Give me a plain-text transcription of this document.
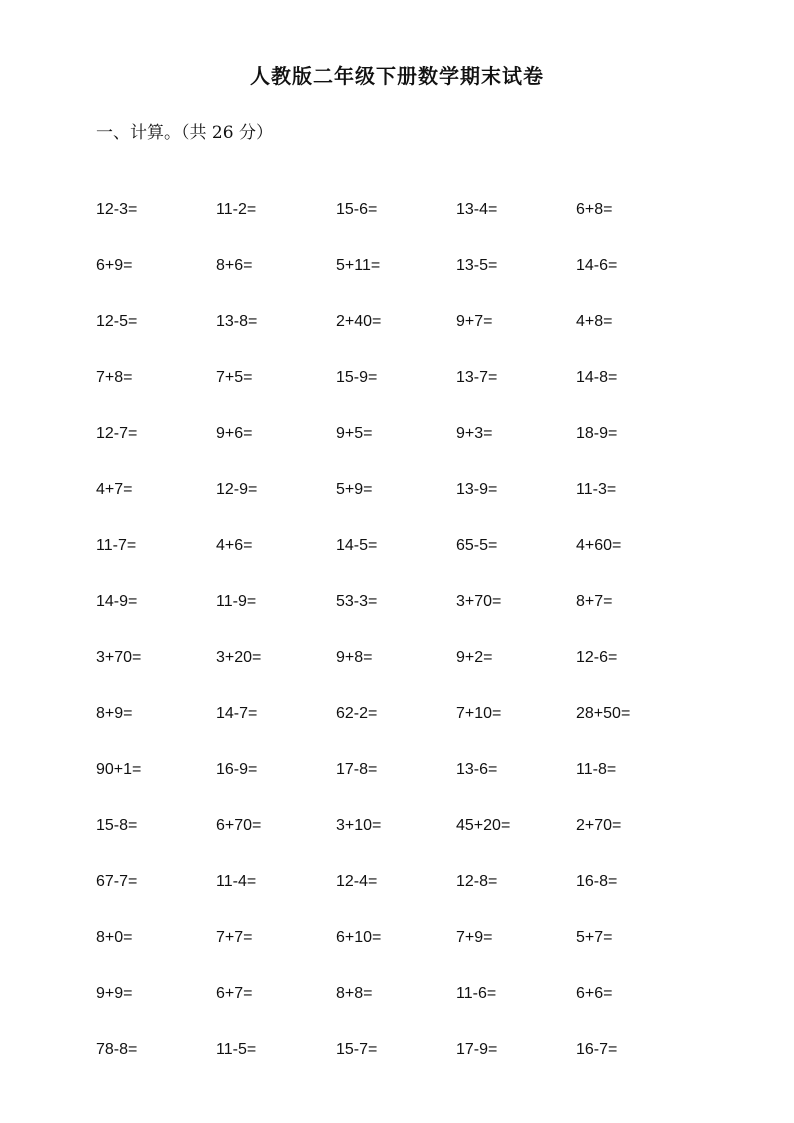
人教版二年级下册数学期末试卷
一、计算。（共 26 分）
12-3=	11-2=	15-6=	13-4=	6+8=
6+9=	8+6=	5+11=	13-5=	14-6=
12-5=	13-8=	2+40=	9+7=	4+8=
7+8=	7+5=	15-9=	13-7=	14-8=
12-7=	9+6=	9+5=	9+3=	18-9=
4+7=	12-9=	5+9=	13-9=	11-3=
11-7=	4+6=	14-5=	65-5=	4+60=
14-9=	11-9=	53-3=	3+70=	8+7=
3+70=	3+20=	9+8=	9+2=	12-6=
8+9=	14-7=	62-2=	7+10=	28+50=
90+1=	16-9=	17-8=	13-6=	11-8=
15-8=	6+70=	3+10=	45+20=	2+70=
67-7=	11-4=	12-4=	12-8=	16-8=
8+0=	7+7=	6+10=	7+9=	5+7=
9+9=	6+7=	8+8=	11-6=	6+6=
78-8=	11-5=	15-7=	17-9=	16-7=
